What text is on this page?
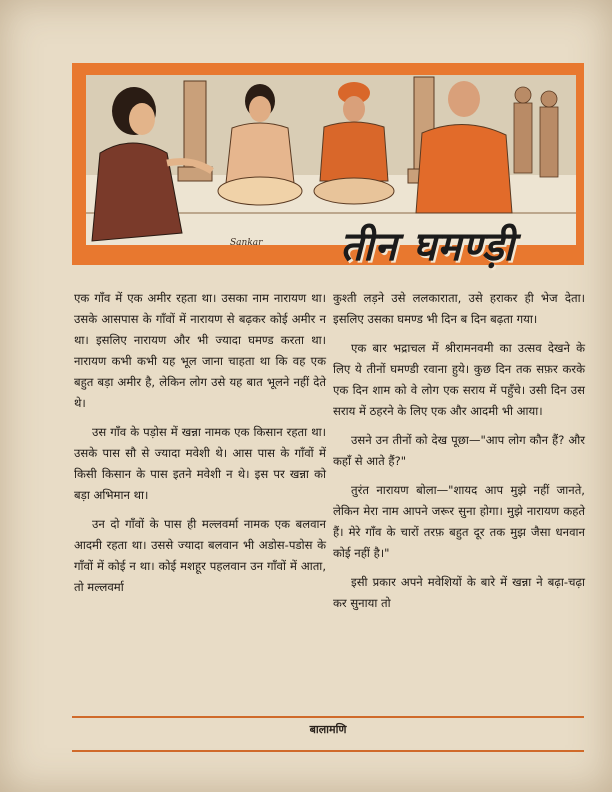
Sankar	तीन घमण्ड़ी

एक गाँव में एक अमीर रहता था। उसका नाम नारायण था। उसके आसपास के गाँवों में नारायण से बढ़कर कोई अमीर न था। इसलिए नारायण और भी ज्यादा घमण्ड करता था। नारायण कभी कभी यह भूल जाना चाहता था कि वह एक बहुत बड़ा अमीर है, लेकिन लोग उसे यह बात भूलने नहीं देते थे।

उस गाँव के पड़ोस में खन्ना नामक एक किसान रहता था। उसके पास सौ से ज्यादा मवेशी थे। आस पास के गाँवों में किसी किसान के पास इतने मवेशी न थे। इस पर खन्ना को बड़ा अभिमान था।

उन दो गाँवों के पास ही मल्लवर्मा नामक एक बलवान आदमी रहता था। उससे ज्यादा बलवान भी अडोस-पडोस के गाँवों में कोई न था। कोई मशहूर पहलवान उन गाँवों में आता, तो मल्लवर्मा

कुश्ती लड़ने उसे ललकाराता, उसे हराकर ही भेज देता। इसलिए उसका घमण्ड भी दिन ब दिन बढ़ता गया।

एक बार भद्राचल में श्रीरामनवमी का उत्सव देखने के लिए ये तीनों घमण्डी रवाना हुये। कुछ दिन तक सफ़र करके एक दिन शाम को वे लोग एक सराय में पहुँचे। उसी दिन उस सराय में ठहरने के लिए एक और आदमी भी आया।

उसने उन तीनों को देख पूछा—"आप लोग कौन हैं? और कहाँ से आते हैं?"

तुरंत नारायण बोला—"शायद आप मुझे नहीं जानते, लेकिन मेरा नाम आपने जरूर सुना होगा। मुझे नारायण कहते हैं। मेरे गाँव के चारों तरफ़ बहुत दूर तक मुझ जैसा धनवान कोई नहीं है।"

इसी प्रकार अपने मवेशियों के बारे में खन्ना ने बढ़ा-चढ़ा कर सुनाया तो

बालामणि
